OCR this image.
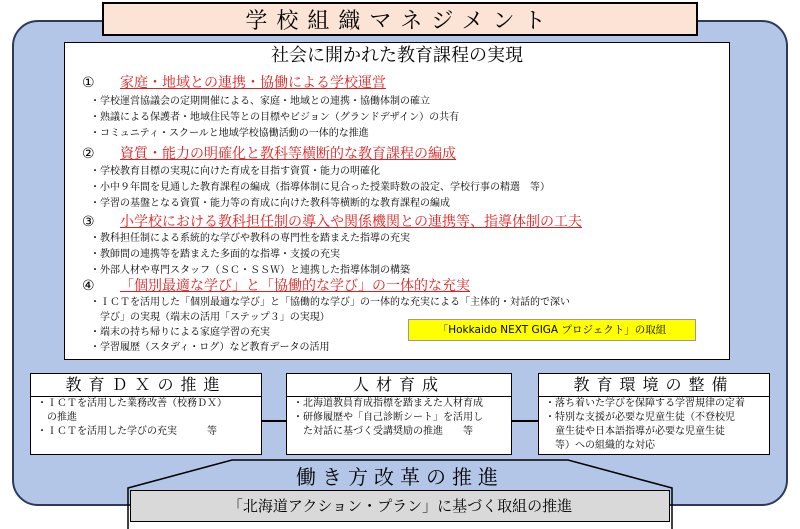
学校組織マネジメント
社会に開かれた教育課程の実現
① 家庭・地域との連携・協働による学校運営
・学校運営協議会の定期開催による、家庭・地域との連携・協働体制の確立
・熟議による保護者・地域住民等との目標やビジョン（グランドデザイン）の共有
・コミュニティ・スクールと地域学校協働活動の一体的な推進
② 資質・能力の明確化と教科等横断的な教育課程の編成
・学校教育目標の実現に向けた育成を目指す資質・能力の明確化
・小中９年間を見通した教育課程の編成（指導体制に見合った授業時数の設定、学校行事の精選　等）
・学習の基盤となる資質・能力等の育成に向けた教科等横断的な教育課程の編成
③ 小学校における教科担任制の導入や関係機関との連携等、指導体制の工夫
・教科担任制による系統的な学びや教科の専門性を踏まえた指導の充実
・教師間の連携等を踏まえた多面的な指導・支援の充実
・外部人材や専門スタッフ（ＳＣ・ＳＳＷ）と連携した指導体制の構築
④ 「個別最適な学び」と「協働的な学び」の一体的な充実
・ＩＣＴを活用した「個別最適な学び」と「協働的な学び」の一体的な充実による「主体的・対話的で深い
　学び」の実現（端末の活用「ステップ３」の実現）
・端末の持ち帰りによる家庭学習の充実
・学習履歴（スタディ・ログ）など教育データの活用
「Hokkaido NEXT GIGA プロジェクト」の取組
教育ＤＸの推進
・ＩＣＴを活用した業務改善（校務ＤＸ）
　の推進
・ＩＣＴを活用した学びの充実　　　等
人材育成
・北海道教員育成指標を踏まえた人材育成
・研修履歴や「自己診断シート」を活用し
　た対話に基づく受講奨励の推進　　等
教育環境の整備
・落ち着いた学びを保障する学習規律の定着
・特別な支援が必要な児童生徒（不登校児
　童生徒や日本語指導が必要な児童生徒
　等）への組織的な対応
働き方改革の推進
「北海道アクション・プラン」に基づく取組の推進
